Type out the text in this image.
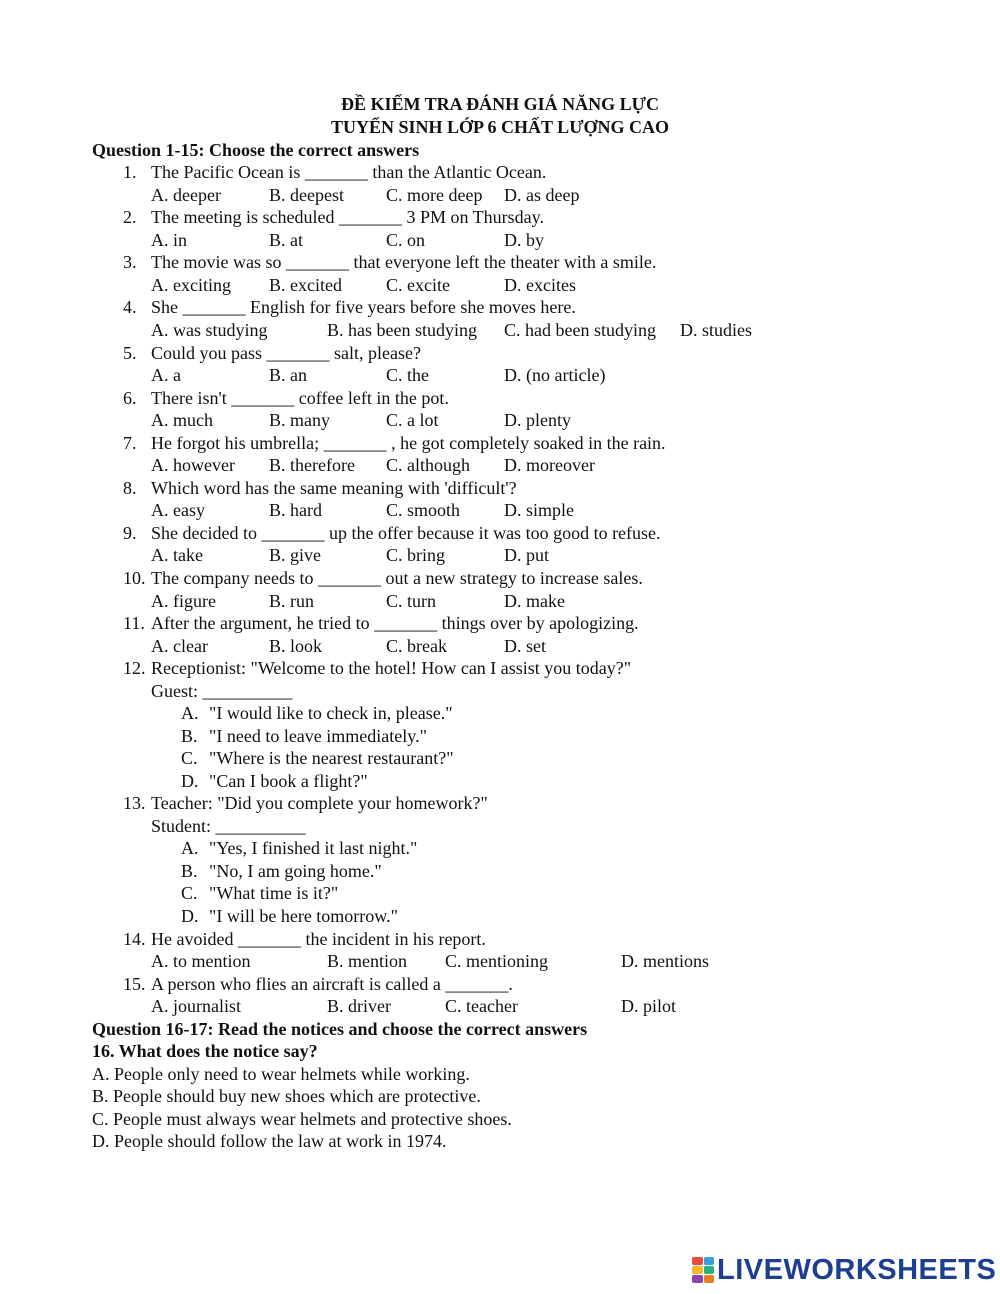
ĐỀ KIỂM TRA ĐÁNH GIÁ NĂNG LỰC
TUYỂN SINH LỚP 6 CHẤT LƯỢNG CAO
Question 1-15: Choose the correct answers
1. The Pacific Ocean is _______ than the Atlantic Ocean.
A. deeper	B. deepest C. more deep D. as deep
2. The meeting is scheduled _______ 3 PM on Thursday.
A. in	B. at	C. on	D. by
3. The movie was so _______ that everyone left the theater with a smile.
A. exciting B. excited C. excite	D. excites
4. She _______ English for five years before she moves here.
A. was studying	B. has been studying C. had been studying D. studies
5. Could you pass _______ salt, please?
A. a	B. an	C. the	D. (no article)
6. There isn't _______ coffee left in the pot.
A. much	B. many	C. a lot	D. plenty
7. He forgot his umbrella; _______ , he got completely soaked in the rain.
A. however B. therefore C. although D. moreover
8. Which word has the same meaning with 'difficult'?
A. easy	B. hard	C. smooth D. simple
9. She decided to _______ up the offer because it was too good to refuse.
A. take	B. give	C. bring	D. put
10. The company needs to _______ out a new strategy to increase sales.
A. figure	B. run	C. turn	D. make
11. After the argument, he tried to _______ things over by apologizing.
A. clear	B. look	C. break	D. set
12. Receptionist: "Welcome to the hotel! How can I assist you today?"
Guest: __________
A. "I would like to check in, please."
B. "I need to leave immediately."
C. "Where is the nearest restaurant?"
D. "Can I book a flight?"
13. Teacher: "Did you complete your homework?"
Student: __________
A. "Yes, I finished it last night."
B. "No, I am going home."
C. "What time is it?"
D. "I will be here tomorrow."
14. He avoided _______ the incident in his report.
A. to mention	B. mention C. mentioning	D. mentions
15. A person who flies an aircraft is called a _______.
A. journalist	B. driver	C. teacher	D. pilot
Question 16-17: Read the notices and choose the correct answers
16. What does the notice say?
A. People only need to wear helmets while working.
B. People should buy new shoes which are protective.
C. People must always wear helmets and protective shoes.
D. People should follow the law at work in 1974.
LIVEWORKSHEETS
